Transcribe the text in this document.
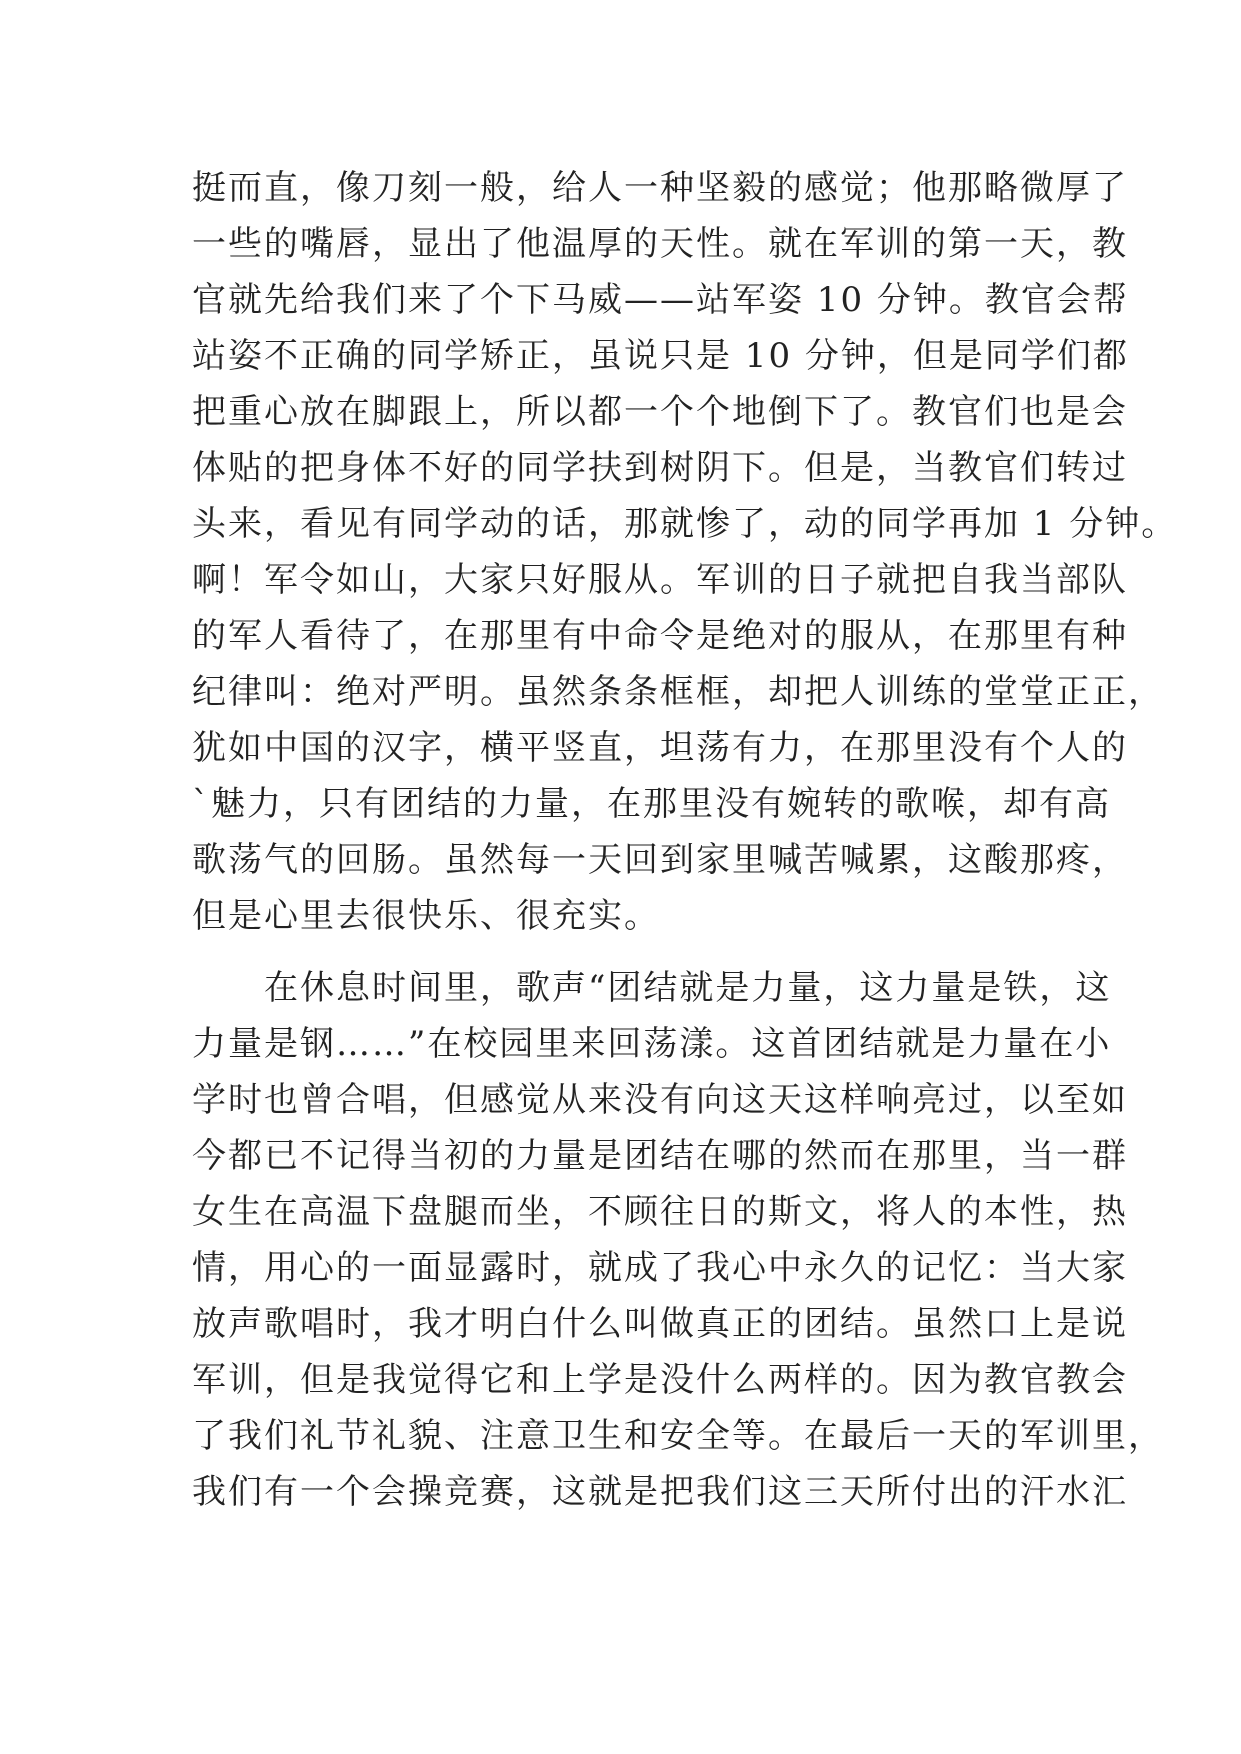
挺而直，像刀刻一般，给人一种坚毅的感觉；他那略微厚了
一些的嘴唇，显出了他温厚的天性。就在军训的第一天，教
官就先给我们来了个下马威——站军姿 10 分钟。教官会帮
站姿不正确的同学矫正，虽说只是 10 分钟，但是同学们都
把重心放在脚跟上，所以都一个个地倒下了。教官们也是会
体贴的把身体不好的同学扶到树阴下。但是，当教官们转过
头来，看见有同学动的话，那就惨了，动的同学再加 1 分钟。
啊！军令如山，大家只好服从。军训的日子就把自我当部队
的军人看待了，在那里有中命令是绝对的服从，在那里有种
纪律叫：绝对严明。虽然条条框框，却把人训练的堂堂正正，
犹如中国的汉字，横平竖直，坦荡有力，在那里没有个人的
`魅力，只有团结的力量，在那里没有婉转的歌喉，却有高
歌荡气的回肠。虽然每一天回到家里喊苦喊累，这酸那疼，
但是心里去很快乐、很充实。
　　在休息时间里，歌声“团结就是力量，这力量是铁，这
力量是钢……”在校园里来回荡漾。这首团结就是力量在小
学时也曾合唱，但感觉从来没有向这天这样响亮过，以至如
今都已不记得当初的力量是团结在哪的然而在那里，当一群
女生在高温下盘腿而坐，不顾往日的斯文，将人的本性，热
情，用心的一面显露时，就成了我心中永久的记忆：当大家
放声歌唱时，我才明白什么叫做真正的团结。虽然口上是说
军训，但是我觉得它和上学是没什么两样的。因为教官教会
了我们礼节礼貌、注意卫生和安全等。在最后一天的军训里，
我们有一个会操竞赛，这就是把我们这三天所付出的汗水汇
